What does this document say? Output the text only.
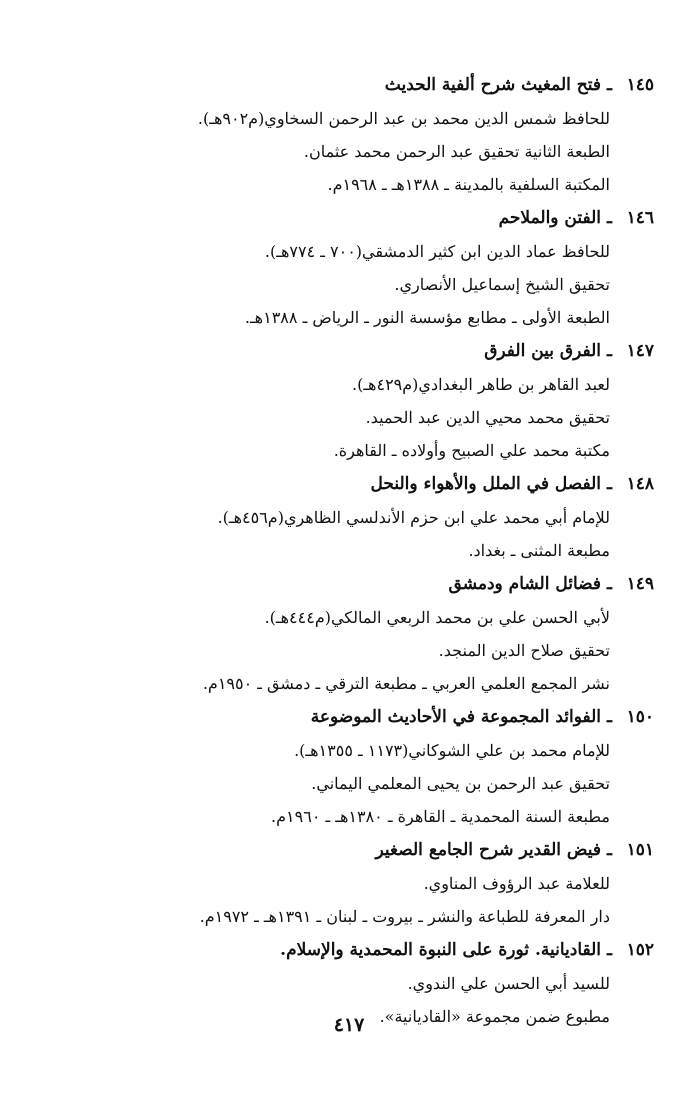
١٤٥ـفتح المغيث شرح ألفية الحديث
للحافظ شمس الدين محمد بن عبد الرحمن السخاوي(م٩٠٢هـ).
الطبعة الثانية تحقيق عبد الرحمن محمد عثمان.
المكتبة السلفية بالمدينة ـ ١٣٨٨هـ ـ ١٩٦٨م.
١٤٦ـالفتن والملاحم
للحافظ عماد الدين ابن كثير الدمشقي(٧٠٠ ـ ٧٧٤هـ).
تحقيق الشيخ إسماعيل الأنصاري.
الطبعة الأولى ـ مطابع مؤسسة النور ـ الرياض ـ ١٣٨٨هـ.
١٤٧ـالفرق بين الفرق
لعبد القاهر بن طاهر البغدادي(م٤٢٩هـ).
تحقيق محمد محيي الدين عبد الحميد.
مكتبة محمد علي الصبيح وأولاده ـ القاهرة.
١٤٨ـالفصل في الملل والأهواء والنحل
للإمام أبي محمد علي ابن حزم الأندلسي الظاهري(م٤٥٦هـ).
مطبعة المثنى ـ بغداد.
١٤٩ـفضائل الشام ودمشق
لأبي الحسن علي بن محمد الربعي المالكي(م٤٤٤هـ).
تحقيق صلاح الدين المنجد.
نشر المجمع العلمي العربي ـ مطبعة الترقي ـ دمشق ـ ١٩٥٠م.
١٥٠ـالفوائد المجموعة في الأحاديث الموضوعة
للإمام محمد بن علي الشوكاني(١١٧٣ ـ ١٣٥٥هـ).
تحقيق عبد الرحمن بن يحيى المعلمي اليماني.
مطبعة السنة المحمدية ـ القاهرة ـ ١٣٨٠هـ ـ ١٩٦٠م.
١٥١ـفيض القدير شرح الجامع الصغير
للعلامة عبد الرؤوف المناوي.
دار المعرفة للطباعة والنشر ـ بيروت ـ لبنان ـ ١٣٩١هـ ـ ١٩٧٢م.
١٥٢ـالقاديانية. ثورة على النبوة المحمدية والإسلام.
للسيد أبي الحسن علي الندوي.
مطبوع ضمن مجموعة «القاديانية».
٤١٧
